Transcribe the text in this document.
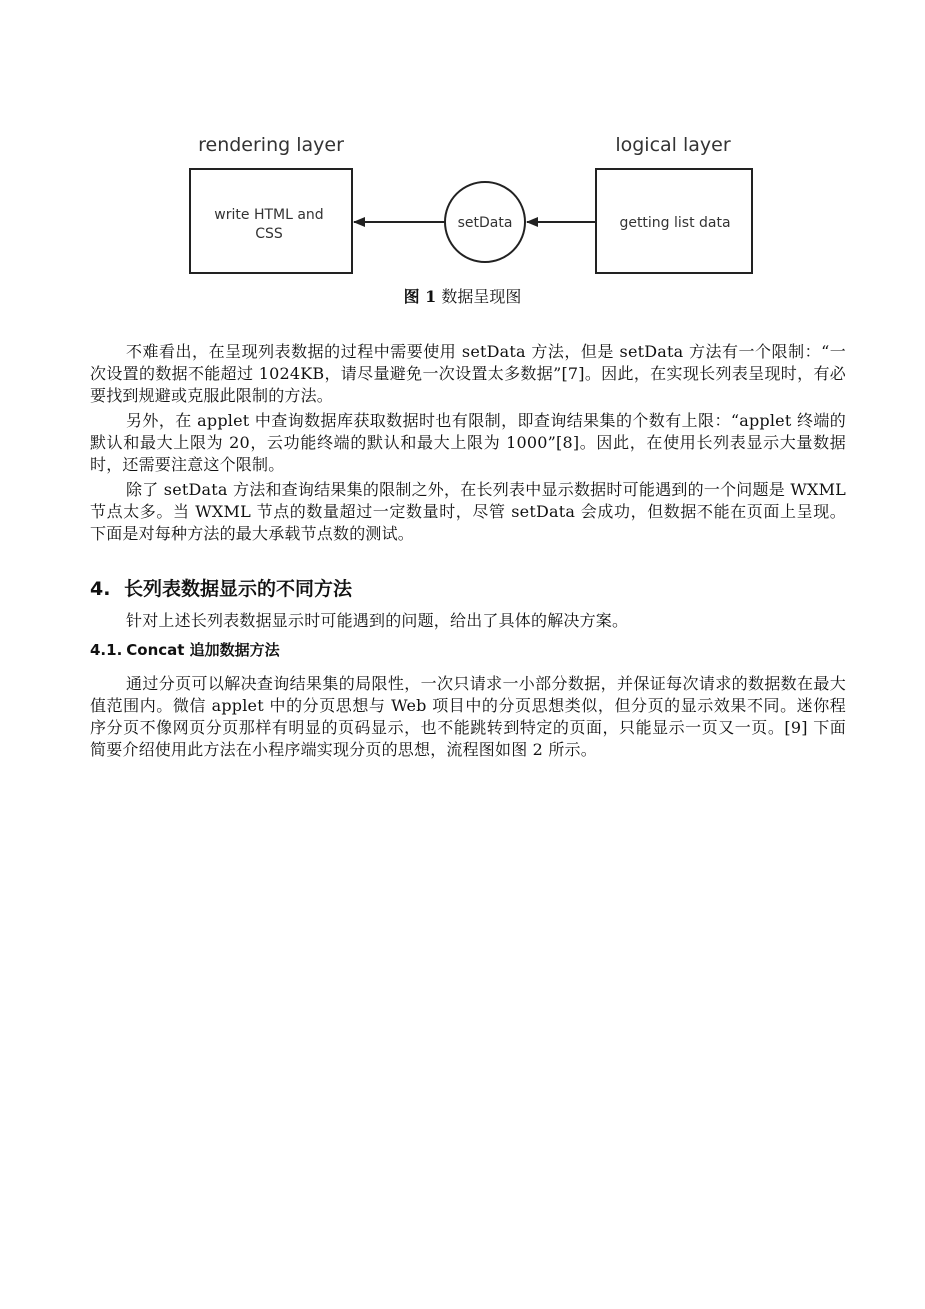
rendering layer	logical layer
write HTML and
CSS
setData	getting list data
图 1 数据呈现图

不难看出，在呈现列表数据的过程中需要使用 setData 方法，但是 setData 方法有一个限制：“一次设置的数据不能超过 1024KB，请尽量避免一次设置太多数据”[7]。因此，在实现长列表呈现时，有必要找到规避或克服此限制的方法。

另外，在 applet 中查询数据库获取数据时也有限制，即查询结果集的个数有上限：“applet 终端的默认和最大上限为 20，云功能终端的默认和最大上限为 1000”[8]。因此，在使用长列表显示大量数据时，还需要注意这个限制。

除了 setData 方法和查询结果集的限制之外，在长列表中显示数据时可能遇到的一个问题是 WXML 节点太多。当 WXML 节点的数量超过一定数量时，尽管 setData 会成功，但数据不能在页面上呈现。下面是对每种方法的最大承载节点数的测试。

4. 长列表数据显示的不同方法

针对上述长列表数据显示时可能遇到的问题，给出了具体的解决方案。

4.1. Concat 追加数据方法

通过分页可以解决查询结果集的局限性，一次只请求一小部分数据，并保证每次请求的数据数在最大值范围内。微信 applet 中的分页思想与 Web 项目中的分页思想类似，但分页的显示效果不同。迷你程序分页不像网页分页那样有明显的页码显示，也不能跳转到特定的页面，只能显示一页又一页。[9] 下面简要介绍使用此方法在小程序端实现分页的思想，流程图如图 2 所示。
